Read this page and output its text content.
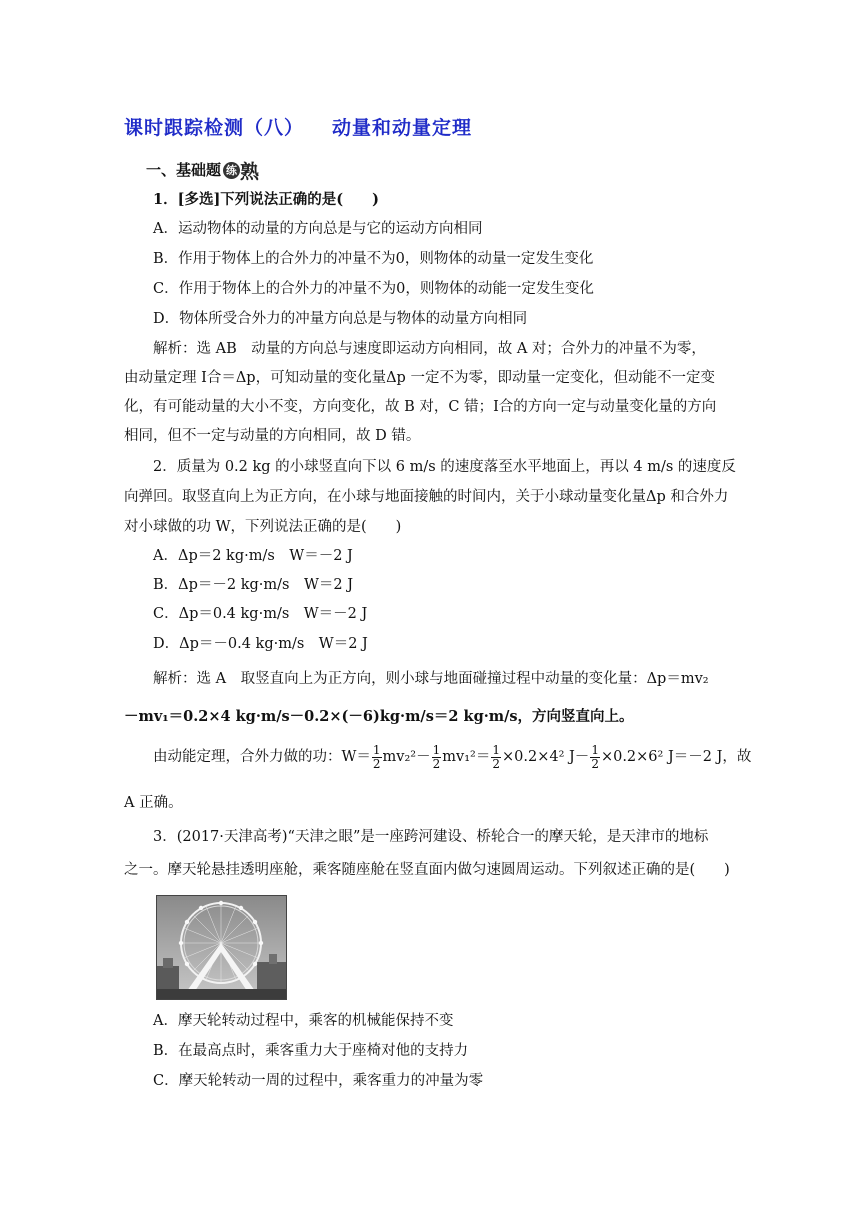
课时跟踪检测（八） 动量和动量定理
一、基础题 练 熟
1．[多选]下列说法正确的是(　　)
A．运动物体的动量的方向总是与它的运动方向相同
B．作用于物体上的合外力的冲量不为0，则物体的动量一定发生变化
C．作用于物体上的合外力的冲量不为0，则物体的动能一定发生变化
D．物体所受合外力的冲量方向总是与物体的动量方向相同
解析：选 AB　动量的方向总与速度即运动方向相同，故 A 对；合外力的冲量不为零，
由动量定理 I合＝Δp，可知动量的变化量Δp 一定不为零，即动量一定变化，但动能不一定变
化，有可能动量的大小不变，方向变化，故 B 对，C 错；I合的方向一定与动量变化量的方向
相同，但不一定与动量的方向相同，故 D 错。
2．质量为 0.2 kg 的小球竖直向下以 6 m/s 的速度落至水平地面上，再以 4 m/s 的速度反
向弹回。取竖直向上为正方向，在小球与地面接触的时间内，关于小球动量变化量Δp 和合外力
对小球做的功 W，下列说法正确的是(　　)
A．Δp＝2 kg·m/s　W＝－2 J
B．Δp＝－2 kg·m/s　W＝2 J
C．Δp＝0.4 kg·m/s　W＝－2 J
D．Δp＝－0.4 kg·m/s　W＝2 J
解析：选 A　取竖直向上为正方向，则小球与地面碰撞过程中动量的变化量：Δp＝mv₂
－mv₁＝0.2×4 kg·m/s－0.2×(－6)kg·m/s＝2 kg·m/s，方向竖直向上。
由动能定理，合外力做的功：$W= \frac{1}{2} mv_2^2- \frac{1}{2} mv_1^2= \frac{1}{2} \times 0.2\times 4^2$ $J- \frac{1}{2} \times 0.2\times 6^2$ J＝－2 J，故
A 正确。
3．(2017·天津高考)“天津之眼”是一座跨河建设、桥轮合一的摩天轮，是天津市的地标
之一。摩天轮悬挂透明座舱，乘客随座舱在竖直面内做匀速圆周运动。下列叙述正确的是(　　)
A．摩天轮转动过程中，乘客的机械能保持不变
B．在最高点时，乘客重力大于座椅对他的支持力
C．摩天轮转动一周的过程中，乘客重力的冲量为零
